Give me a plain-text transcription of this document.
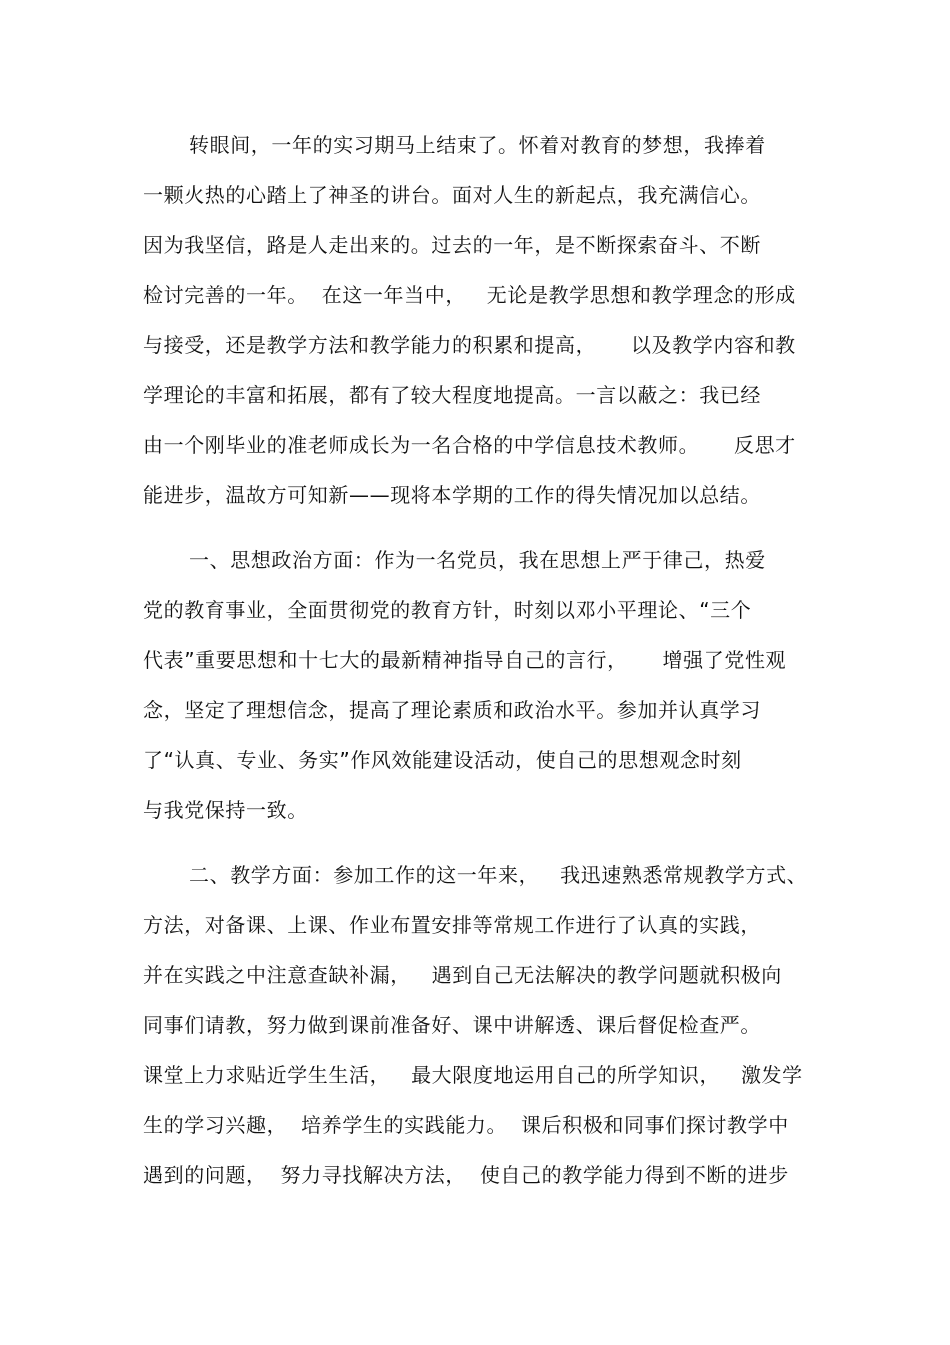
转眼间，一年的实习期马上结束了。怀着对教育的梦想，我捧着
一颗火热的心踏上了神圣的讲台。面对人生的新起点，我充满信心。
因为我坚信，路是人走出来的。过去的一年，是不断探索奋斗、不断
检讨完善的一年。  在这一年当中，   无论是教学思想和教学理念的形成
与接受，还是教学方法和教学能力的积累和提高，     以及教学内容和教
学理论的丰富和拓展，都有了较大程度地提高。一言以蔽之：我已经
由一个刚毕业的准老师成长为一名合格的中学信息技术教师。     反思才
能进步，温故方可知新——现将本学期的工作的得失情况加以总结。
一、思想政治方面：作为一名党员，我在思想上严于律己，热爱
党的教育事业，全面贯彻党的教育方针，时刻以邓小平理论、“三个
代表”重要思想和十七大的最新精神指导自己的言行，     增强了党性观
念，坚定了理想信念，提高了理论素质和政治水平。参加并认真学习
了“认真、专业、务实”作风效能建设活动，使自己的思想观念时刻
与我党保持一致。
二、教学方面：参加工作的这一年来，   我迅速熟悉常规教学方式、
方法，对备课、上课、作业布置安排等常规工作进行了认真的实践，
并在实践之中注意查缺补漏，   遇到自己无法解决的教学问题就积极向
同事们请教，努力做到课前准备好、课中讲解透、课后督促检查严。
课堂上力求贴近学生生活，   最大限度地运用自己的所学知识，   激发学
生的学习兴趣，  培养学生的实践能力。  课后积极和同事们探讨教学中
遇到的问题，  努力寻找解决方法，  使自己的教学能力得到不断的进步
